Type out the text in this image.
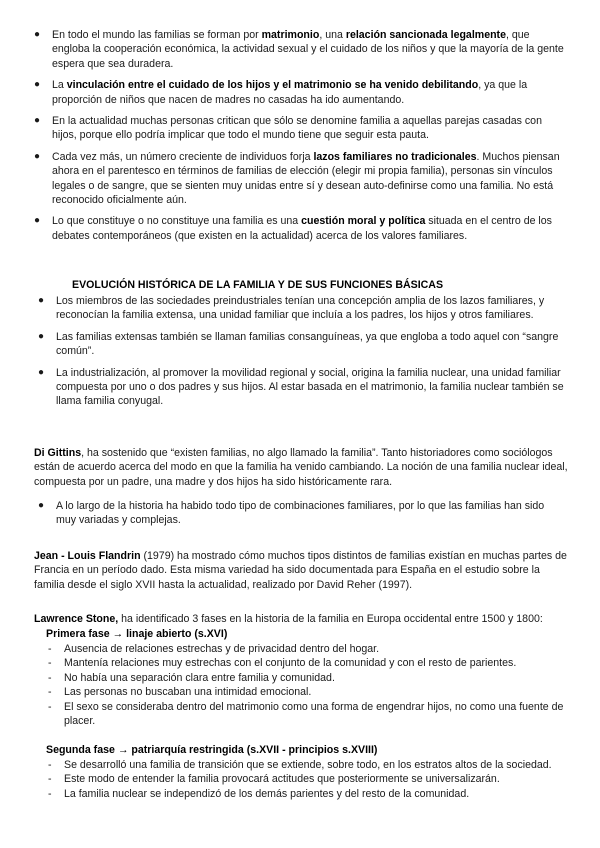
● En todo el mundo las familias se forman por matrimonio, una relación sancionada legalmente, que engloba la cooperación económica, la actividad sexual y el cuidado de los niños y que la mayoría de la gente espera que sea duradera.
● La vinculación entre el cuidado de los hijos y el matrimonio se ha venido debilitando, ya que la proporción de niños que nacen de madres no casadas ha ido aumentando.
● En la actualidad muchas personas critican que sólo se denomine familia a aquellas parejas casadas con hijos, porque ello podría implicar que todo el mundo tiene que seguir esta pauta.
● Cada vez más, un número creciente de individuos forja lazos familiares no tradicionales. Muchos piensan ahora en el parentesco en términos de familias de elección (elegir mi propia familia), personas sin vínculos legales o de sangre, que se sienten muy unidas entre sí y desean auto-definirse como una familia. No está reconocido oficialmente aún.
● Lo que constituye o no constituye una familia es una cuestión moral y política situada en el centro de los debates contemporáneos (que existen en la actualidad) acerca de los valores familiares.

EVOLUCIÓN HISTÓRICA DE LA FAMILIA Y DE SUS FUNCIONES BÁSICAS

● Los miembros de las sociedades preindustriales tenían una concepción amplia de los lazos familiares, y reconocían la familia extensa, una unidad familiar que incluía a los padres, los hijos y otros familiares.
● Las familias extensas también se llaman familias consanguíneas, ya que engloba a todo aquel con “sangre común”.
● La industrialización, al promover la movilidad regional y social, origina la familia nuclear, una unidad familiar compuesta por uno o dos padres y sus hijos. Al estar basada en el matrimonio, la familia nuclear también se llama familia conyugal.

Di Gittins, ha sostenido que “existen familias, no algo llamado la familia”. Tanto historiadores como sociólogos están de acuerdo acerca del modo en que la familia ha venido cambiando. La noción de una familia nuclear ideal, compuesta por un padre, una madre y dos hijos ha sido históricamente rara.

● A lo largo de la historia ha habido todo tipo de combinaciones familiares, por lo que las familias han sido muy variadas y complejas.

Jean - Louis Flandrin (1979) ha mostrado cómo muchos tipos distintos de familias existían en muchas partes de Francia en un período dado. Esta misma variedad ha sido documentada para España en el estudio sobre la familia desde el siglo XVII hasta la actualidad, realizado por David Reher (1997).

Lawrence Stone, ha identificado 3 fases en la historia de la familia en Europa occidental entre 1500 y 1800:

Primera fase → linaje abierto (s.XVI)

- Ausencia de relaciones estrechas y de privacidad dentro del hogar.
- Mantenía relaciones muy estrechas con el conjunto de la comunidad y con el resto de parientes.
- No había una separación clara entre familia y comunidad.
- Las personas no buscaban una intimidad emocional.
- El sexo se consideraba dentro del matrimonio como una forma de engendrar hijos, no como una fuente de placer.

Segunda fase → patriarquía restringida (s.XVII - principios s.XVIII)

- Se desarrolló una familia de transición que se extiende, sobre todo, en los estratos altos de la sociedad.
- Este modo de entender la familia provocará actitudes que posteriormente se universalizarán.
- La familia nuclear se independizó de los demás parientes y del resto de la comunidad.
